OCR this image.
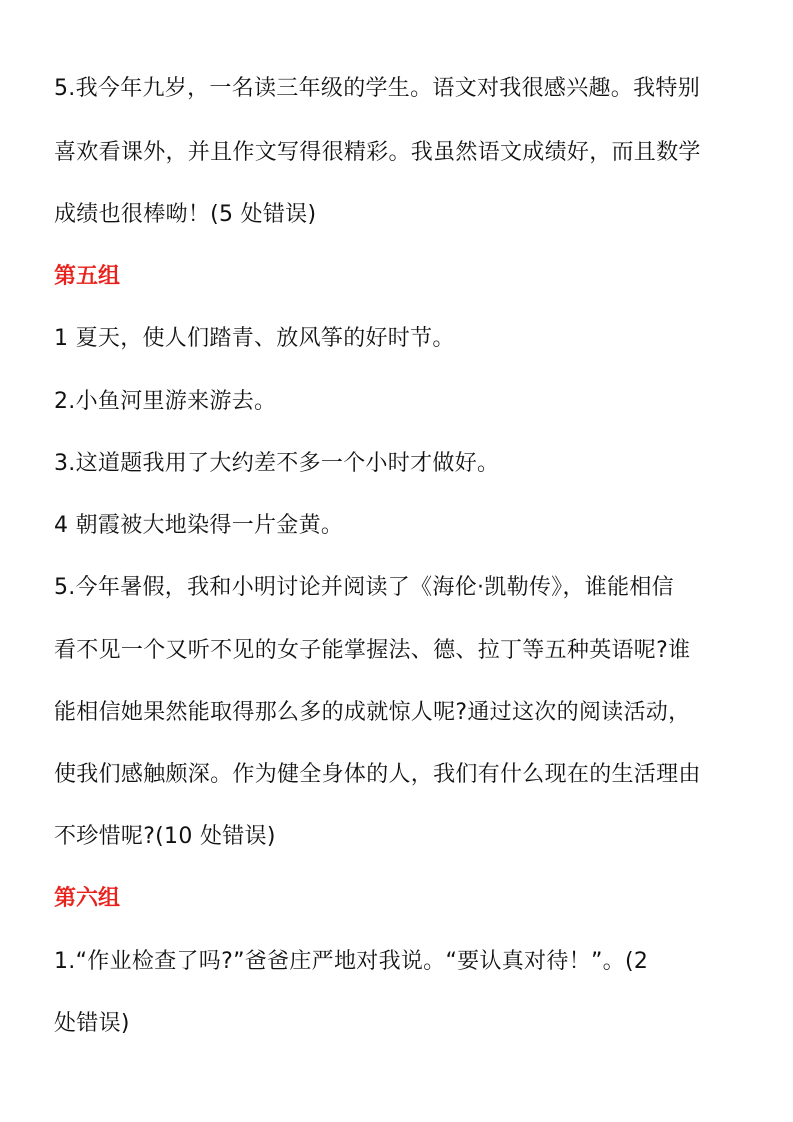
5.我今年九岁，一名读三年级的学生。语文对我很感兴趣。我特别
喜欢看课外，并且作文写得很精彩。我虽然语文成绩好，而且数学
成绩也很棒呦！(5 处错误)
第五组
1 夏天，使人们踏青、放风筝的好时节。
2.小鱼河里游来游去。
3.这道题我用了大约差不多一个小时才做好。
4 朝霞被大地染得一片金黄。
5.今年暑假，我和小明讨论并阅读了《海伦·凯勒传》，谁能相信
看不见一个又听不见的女子能掌握法、德、拉丁等五种英语呢?谁
能相信她果然能取得那么多的成就惊人呢?通过这次的阅读活动，
使我们感触颇深。作为健全身体的人，我们有什么现在的生活理由
不珍惜呢?(10 处错误)
第六组
1.“作业检查了吗?”爸爸庄严地对我说。“要认真对待！”。(2
处错误)
